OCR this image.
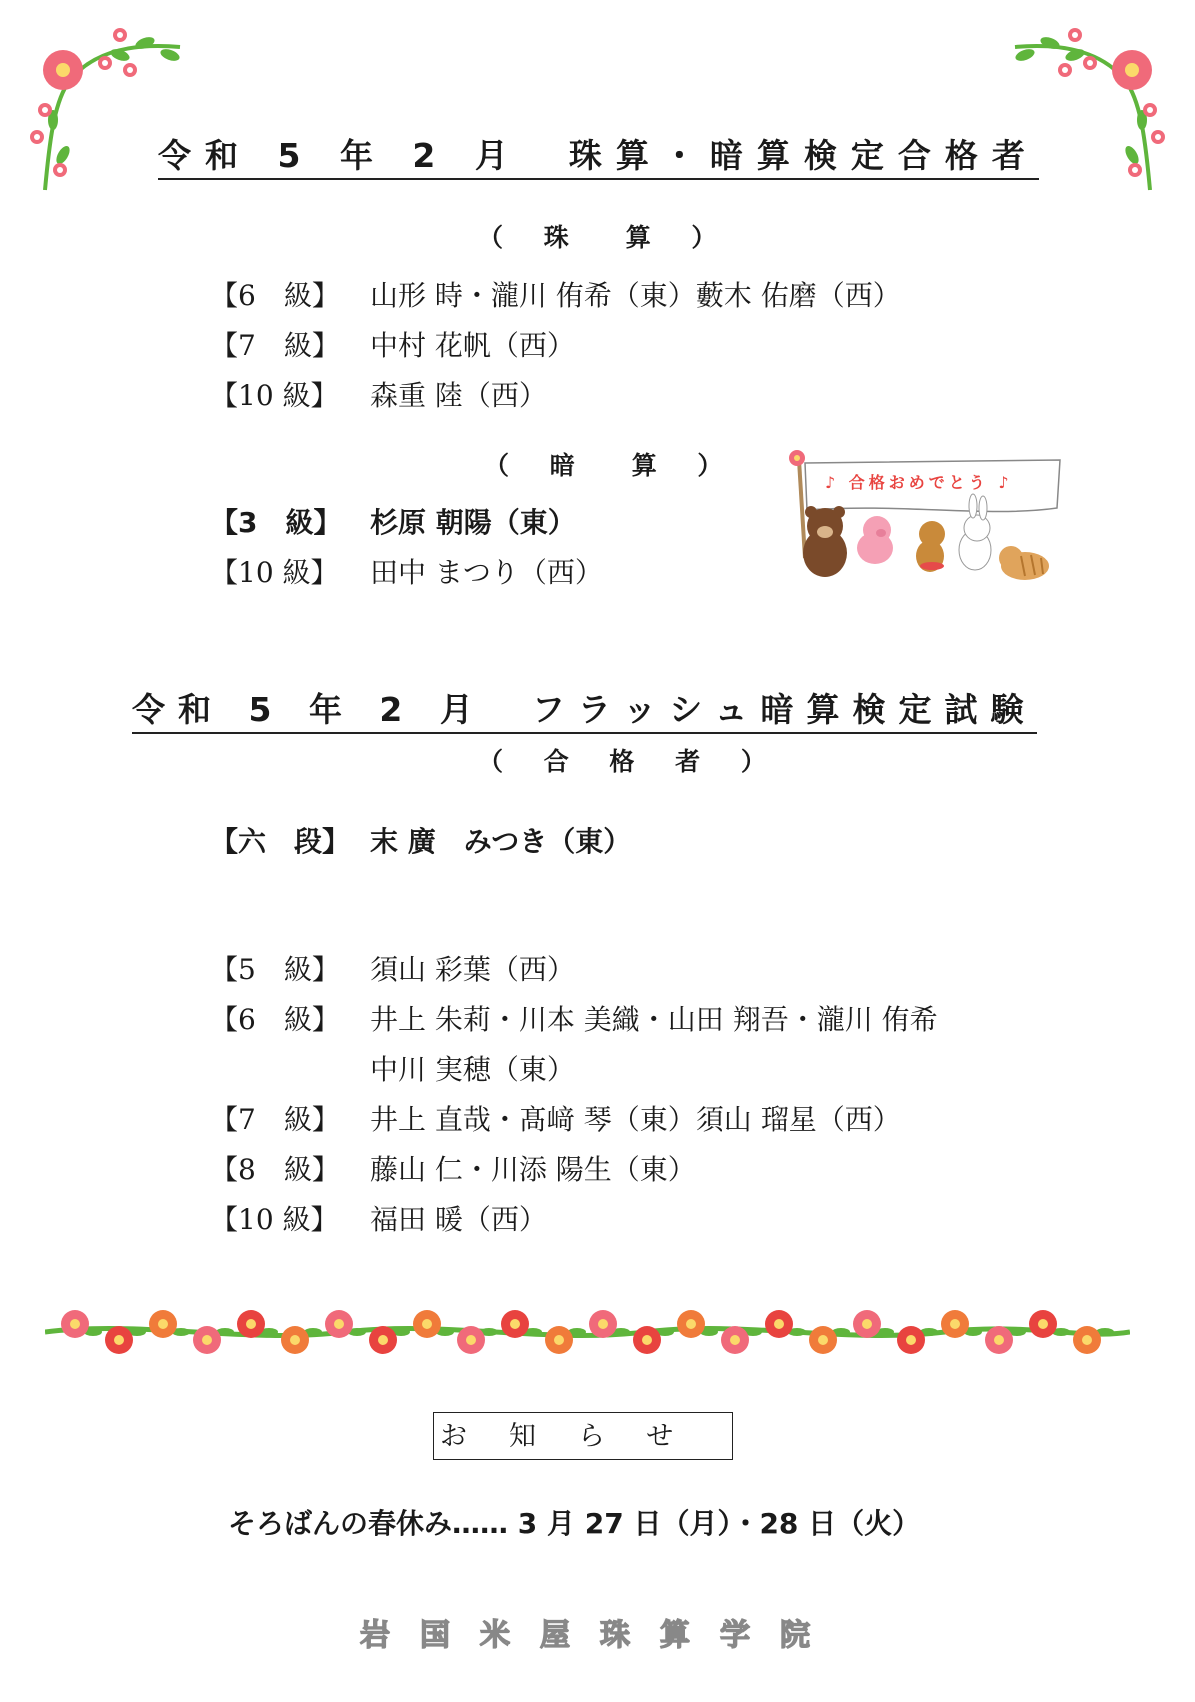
令和 5 年 2 月　珠算・暗算検定合格者
（ 珠　算 ）
【6　級】 山形 時・瀧川 侑希（東）藪木 佑磨（西）
【7　級】 中村 花帆（西）
【10 級】 森重 陸（西）
（ 暗　算 ）
【3　級】 杉原 朝陽（東）
【10 級】 田中 まつり（西）
♪ 合格おめでとう ♪
令和 5 年 2 月　フラッシュ暗算検定試験
（ 合 格 者 ）
【六　段】 末 廣　みつき（東）
【5　級】 須山 彩葉（西）
【6　級】 井上 朱莉・川本 美織・山田 翔吾・瀧川 侑希
中川 実穂（東）
【7　級】 井上 直哉・髙﨑 琴（東）須山 瑠星（西）
【8　級】 藤山 仁・川添 陽生（東）
【10 級】 福田 暖（西）
お知らせ
そろばんの春休み…… 3 月 27 日（月）・28 日（火）
岩国米屋珠算学院
